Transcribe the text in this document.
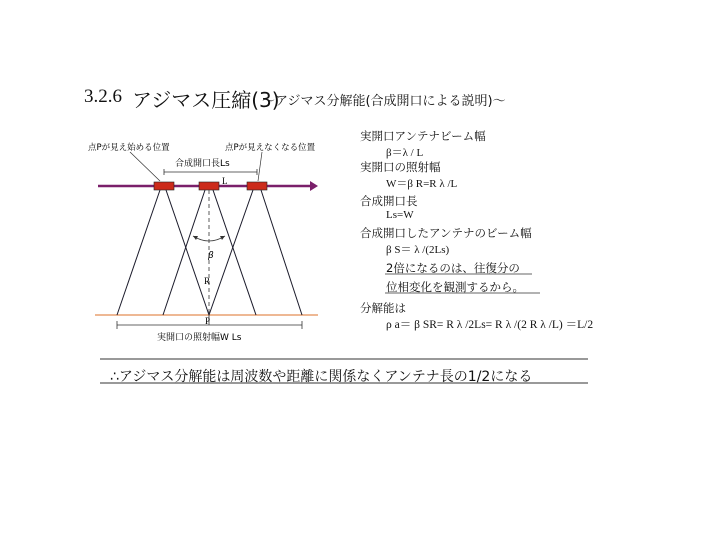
3.2.6 アジマス圧縮(3)
～アジマス分解能(合成開口による説明)～
点Pが見え始める位置	点Pが見えなくなる位置
合成開口長Ls
L
β
R
P
実開口の照射幅W Ls
実開口アンテナビーム幅
β＝λ / L
実開口の照射幅
W＝β R=R λ /L
合成開口長
Ls=W
合成開口したアンテナのビーム幅
β S＝ λ /(2Ls)
2倍になるのは、往復分の
位相変化を観測するから。
分解能は
ρ a＝ β SR= R λ /2Ls= R λ /(2 R λ /L) ＝L/2
∴アジマス分解能は周波数や距離に関係なくアンテナ長の1/2になる
